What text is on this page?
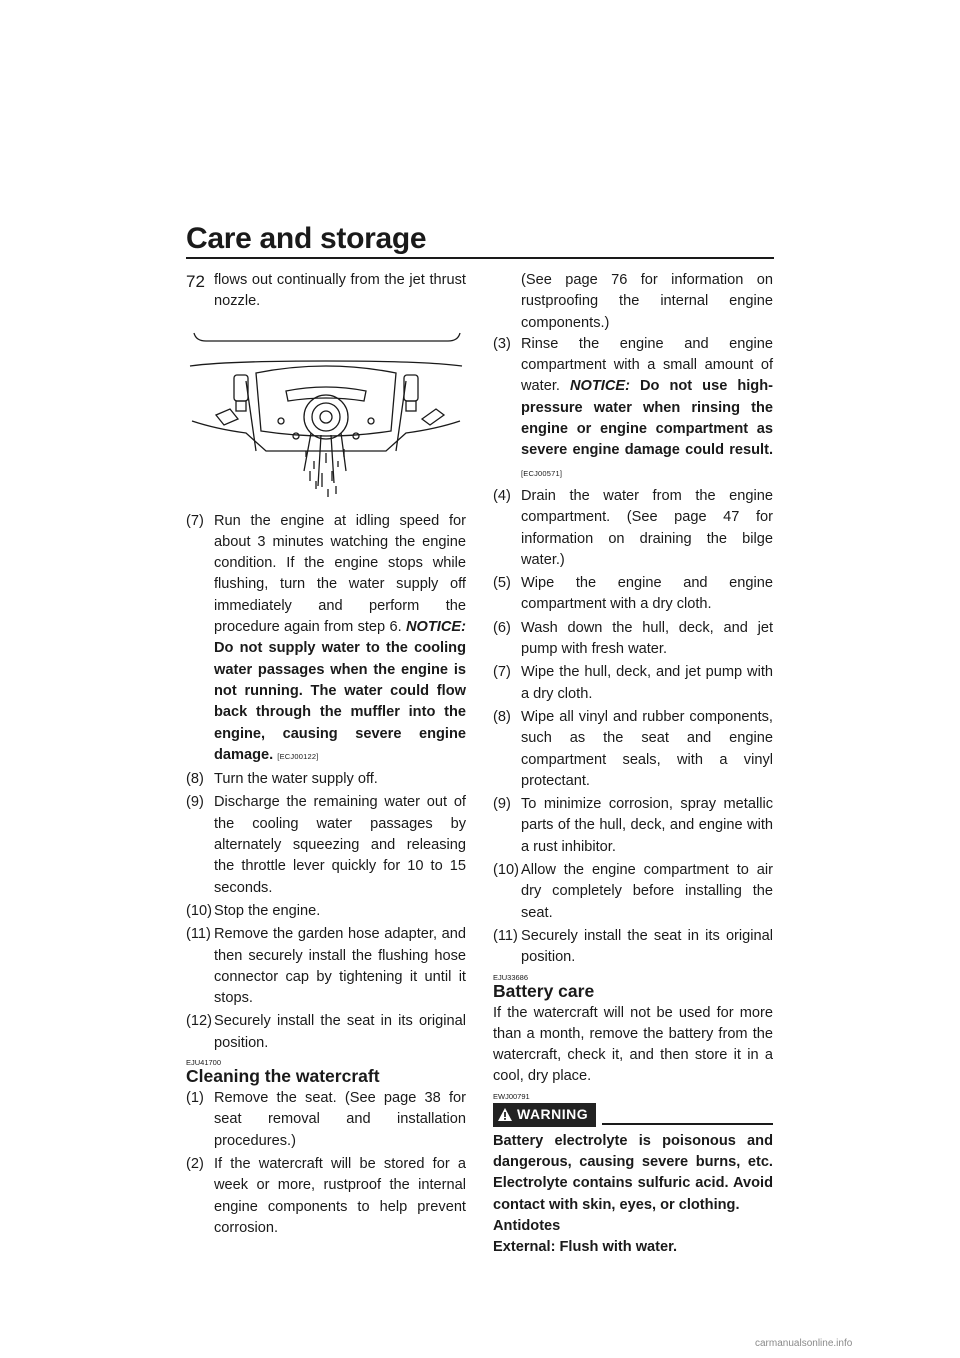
Care and storage
72 flows out continually from the jet thrust nozzle.

(7) Run the engine at idling speed for about 3 minutes watching the engine condition. If the engine stops while flushing, turn the water supply off immediately and perform the procedure again from step 6. NOTICE: Do not supply water to the cooling water passages when the engine is not running. The water could flow back through the muffler into the engine, causing severe engine damage. [ECJ00122]
(8) Turn the water supply off.
(9) Discharge the remaining water out of the cooling water passages by alternately squeezing and releasing the throttle lever quickly for 10 to 15 seconds.
(10) Stop the engine.
(11) Remove the garden hose adapter, and then securely install the flushing hose connector cap by tightening it until it stops.
(12) Securely install the seat in its original position.
EJU41700
Cleaning the watercraft
(1) Remove the seat. (See page 38 for seat removal and installation procedures.)
(2) If the watercraft will be stored for a week or more, rustproof the internal engine components to help prevent corrosion.

(See page 76 for information on rustproofing the internal engine components.)

(3) Rinse the engine and engine compartment with a small amount of water. NOTICE: Do not use high-pressure water when rinsing the engine or engine compartment as severe engine damage could result. [ECJ00571]
(4) Drain the water from the engine compartment. (See page 47 for information on draining the bilge water.)
(5) Wipe the engine and engine compartment with a dry cloth.
(6) Wash down the hull, deck, and jet pump with fresh water.
(7) Wipe the hull, deck, and jet pump with a dry cloth.
(8) Wipe all vinyl and rubber components, such as the seat and engine compartment seals, with a vinyl protectant.
(9) To minimize corrosion, spray metallic parts of the hull, deck, and engine with a rust inhibitor.
(10) Allow the engine compartment to air dry completely before installing the seat.
(11) Securely install the seat in its original position.
EJU33686
Battery care

If the watercraft will not be used for more than a month, remove the battery from the watercraft, check it, and then store it in a cool, dry place.

EWJ00791
WARNING

Battery electrolyte is poisonous and dangerous, causing severe burns, etc. Electrolyte contains sulfuric acid. Avoid contact with skin, eyes, or clothing.

Antidotes
External: Flush with water.
carmanualsonline.info
